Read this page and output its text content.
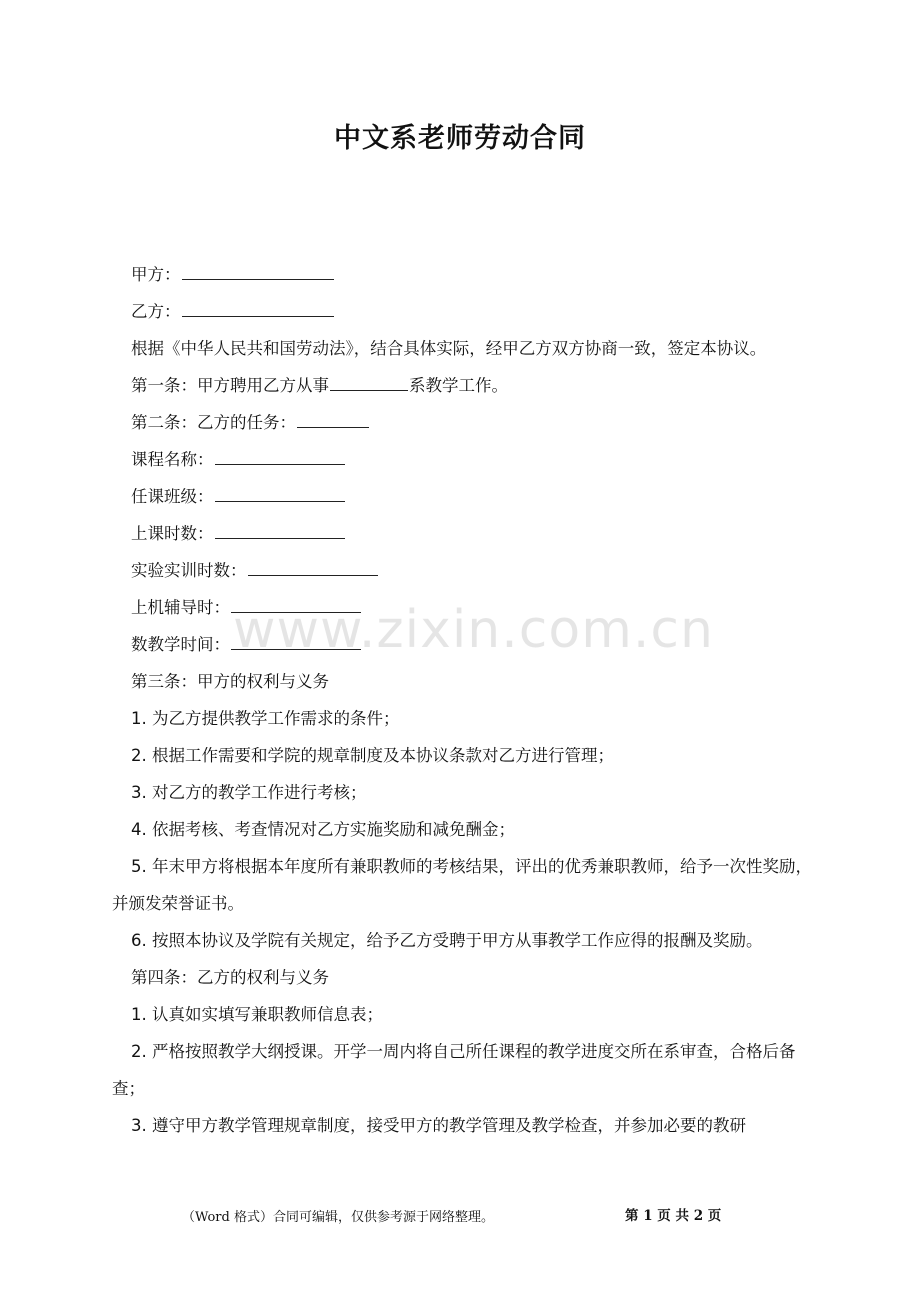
中文系老师劳动合同
www.zixin.com.cn

甲方：

乙方：

根据《中华人民共和国劳动法》，结合具体实际，经甲乙方双方协商一致，签定本协议。

第一条：甲方聘用乙方从事	系教学工作。

第二条：乙方的任务：

课程名称：

任课班级：

上课时数：

实验实训时数：

上机辅导时：

数教学时间：

第三条：甲方的权利与义务

1. 为乙方提供教学工作需求的条件；

2. 根据工作需要和学院的规章制度及本协议条款对乙方进行管理；

3. 对乙方的教学工作进行考核；

4. 依据考核、考查情况对乙方实施奖励和减免酬金；

5. 年末甲方将根据本年度所有兼职教师的考核结果，评出的优秀兼职教师，给予一次性奖励，并颁发荣誉证书。

6. 按照本协议及学院有关规定，给予乙方受聘于甲方从事教学工作应得的报酬及奖励。

第四条：乙方的权利与义务

1. 认真如实填写兼职教师信息表；

2. 严格按照教学大纲授课。开学一周内将自己所任课程的教学进度交所在系审查，合格后备查；

3. 遵守甲方教学管理规章制度，接受甲方的教学管理及教学检查，并参加必要的教研

（Word 格式）合同可编辑，仅供参考源于网络整理。	第 1 页 共 2 页
